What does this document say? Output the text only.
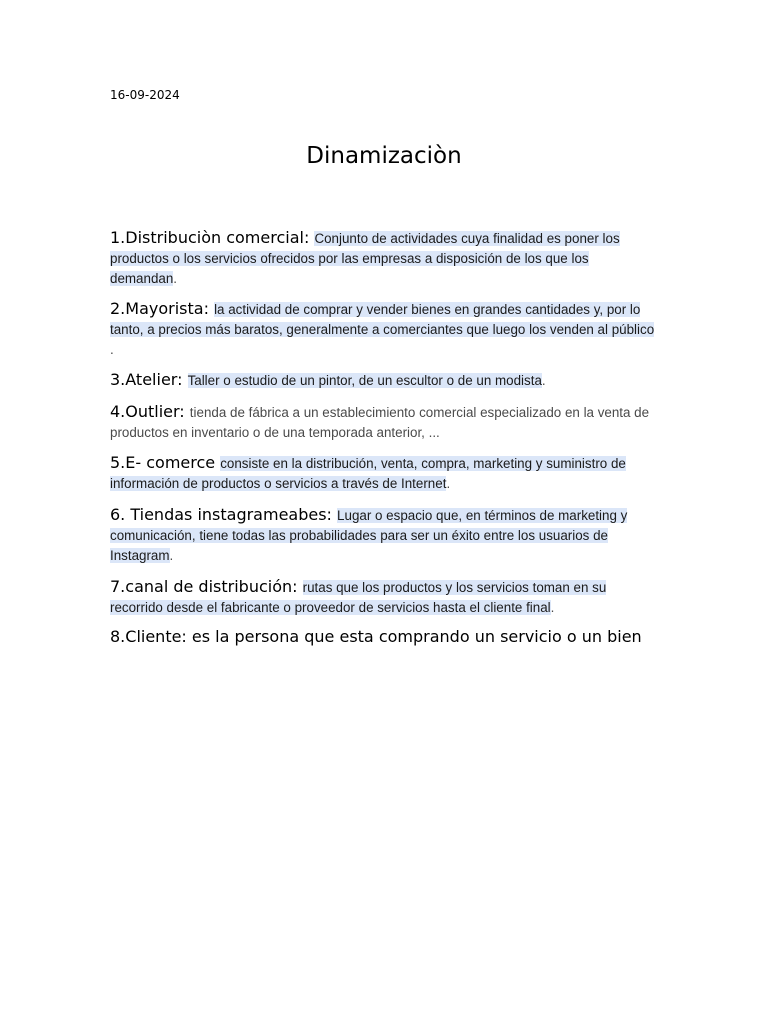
16-09-2024
Dinamizaciòn
1.Distribuciòn comercial: Conjunto de actividades cuya finalidad es poner los productos o los servicios ofrecidos por las empresas a disposición de los que los demandan.
2.Mayorista: la actividad de comprar y vender bienes en grandes cantidades y, por lo tanto, a precios más baratos, generalmente a comerciantes que luego los venden al público .
3.Atelier: Taller o estudio de un pintor, de un escultor o de un modista.
4.Outlier: tienda de fábrica a un establecimiento comercial especializado en la venta de productos en inventario o de una temporada anterior, ...
5.E- comerce consiste en la distribución, venta, compra, marketing y suministro de información de productos o servicios a través de Internet.
6. Tiendas instagrameabes: Lugar o espacio que, en términos de marketing y comunicación, tiene todas las probabilidades para ser un éxito entre los usuarios de Instagram.
7.canal de distribución: rutas que los productos y los servicios toman en su recorrido desde el fabricante o proveedor de servicios hasta el cliente final.
8.Cliente: es la persona que esta comprando un servicio o un bien
